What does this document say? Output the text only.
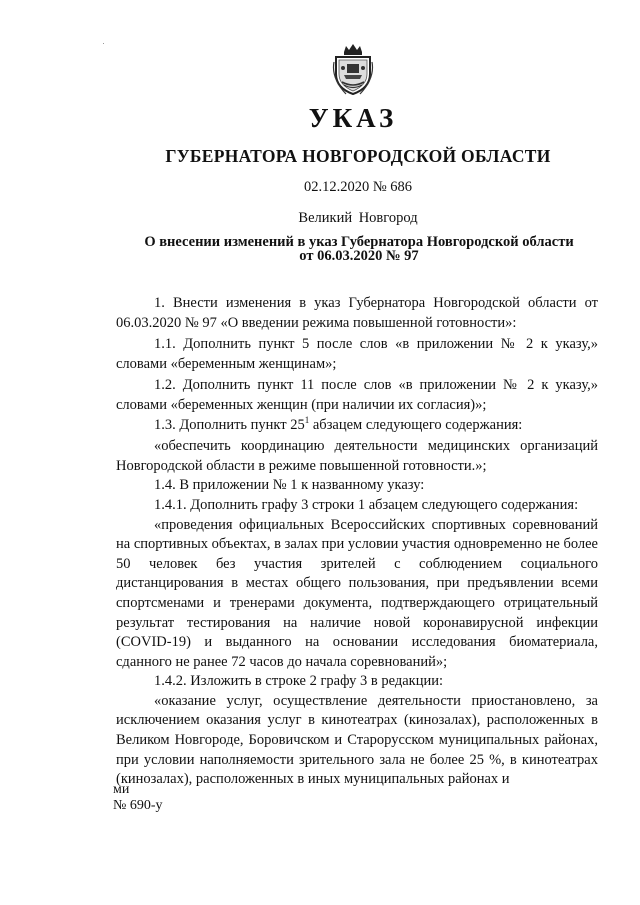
УКАЗ
ГУБЕРНАТОРА НОВГОРОДСКОЙ ОБЛАСТИ
02.12.2020 № 686
Великий Новгород
О внесении изменений в указ Губернатора Новгородской области
от 06.03.2020 № 97

1. Внести изменения в указ Губернатора Новгородской области от 06.03.2020 № 97 «О введении режима повышенной готовности»:

1.1. Дополнить пункт 5 после слов «в приложении № 2 к указу,» словами «беременным женщинам»;

1.2. Дополнить пункт 11 после слов «в приложении № 2 к указу,» словами «беременных женщин (при наличии их согласия)»;

1.3. Дополнить пункт $25^1$ абзацем следующего содержания:

«обеспечить координацию деятельности медицинских организаций Новгородской области в режиме повышенной готовности.»;

1.4. В приложении № 1 к названному указу:

1.4.1. Дополнить графу 3 строки 1 абзацем следующего содержания:

«проведения официальных Всероссийских спортивных соревнований на спортивных объектах, в залах при условии участия одновременно не более 50 человек без участия зрителей с соблюдением социального дистанцирования в местах общего пользования, при предъявлении всеми спортсменами и тренерами документа, подтверждающего отрицательный результат тестирования на наличие новой коронавирусной инфекции (COVID-19) и выданного на основании исследования биоматериала, сданного не ранее 72 часов до начала соревнований»;

1.4.2. Изложить в строке 2 графу 3 в редакции:

«оказание услуг, осуществление деятельности приостановлено, за исключением оказания услуг в кинотеатрах (кинозалах), расположенных в Великом Новгороде, Боровичском и Старорусском муниципальных районах, при условии наполняемости зрительного зала не более 25 %, в кинотеатрах (кинозалах), расположенных в иных муниципальных районах и

ми
№ 690-у
